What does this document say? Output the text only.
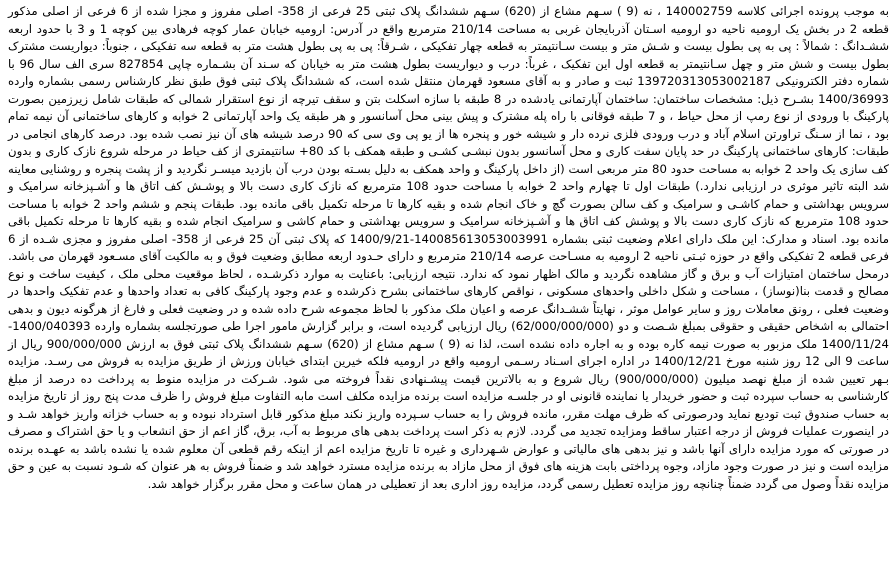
به موجب پرونده اجرائی کلاسه 140002759 ، نه (9 ) سـهم مشاع از (620) سـهم ششدانگ پلاک ثبتی 25 فرعی از 358- اصلی مفروز و مجزا شده از 6 فرعی از اصلی مذکور قطعه 2 در بخش یک ارومیه ناحیه دو ارومیه اسـتان آذربایجان غربی به مساحت 210/14 مترمربع واقع در آدرس: ارومیه خیابان عمار کوچه فرهادی بین کوچه 1 و 3 با حدود اربعه ششـدانگ : شمالاً : پی به پی بطول بیست و شـش متر و بیست سـانتیمتر به قطعه چهار تفکیکی ، شـرقاً: پی به پی بطول هشت متر به قطعه سه تفکیکی ، جنوباً: دیواریست مشترک بطول بیست و شش متر و چهل سـانتیمتر به قطعه اول این تفکیک ، غرباً: درب و دیواریست بطول هشت متر به خیابان که سـند آن بشـماره چاپی 827854 سری الف سال 96 با شماره دفتر الکترونیکی 139720313053002187 ثبت و صادر و به آقای مسعود قهرمان منتقل شده است، که ششدانگ پلاک ثبتی فوق طبق نظر کارشناس رسمی بشماره وارده 1400/36993 بشـرح ذیل: مشخصات ساختمان: ساختمان آپارتمانی یادشده در 8 طبقه با سازه اسکلت بتن و سقف تیرچه از نوع استقرار شمالی که طبقات شامل زیرزمین بصورت پارکینگ با ورودی از نوع رمپ از محل حیاط ، و 7 طبقه فوقانی با راه پله مشترک و پیش بینی محل آسانسور و هر طبقه یک واحد آپارتمانی 2 خوابه و کارهای ساختمانی آن نیمه تمام بود ، نما از سـنگ تراورتن اسلام آباد و درب ورودی فلزی نرده دار و شیشه خور و پنجره ها از یو پی وی سی که 90 درصد شیشه های آن نیز نصب شده بود. درصد کارهای انجامی در طبقات: کارهای ساختمانی پارکینگ در حد پایان سفت کاری و محل آسانسور بدون نبشـی کشـی و طبقه همکف با کد 80+ سانتیمتری از کف حیاط در مرحله شروع نازک کاری و بدون کف سازی یک واحد 2 خوابه به مساحت حدود 80 متر مربعی است (از داخل پارکینگ و واحد همکف به دلیل بسـته بودن درب آن بازدید میسـر نگردید و از پشت پنجره و روشنایی معاینه شد البته تاثیر موثری در ارزیابی ندارد.) طبقات اول تا چهارم واحد 2 خوابه با مساحت حدود 108 مترمربع که نازک کاری دست بالا و پوشـش کف اتاق ها و آشـپزخانه سرامیک و سرویس بهداشتی و حمام کاشـی و سرامیک و کف سالن بصورت گچ و خاک انجام شده و بقیه کارها تا مرحله تکمیل باقی مانده بود. طبقات پنجم و ششم واحد 2 خوابه با مساحت حدود 108 مترمربع که نازک کاری دست بالا و پوشش کف اتاق ها و آشـپزخانه سرامیک و سرویس بهداشتی و حمام کاشی و سرامیک انجام شده و بقیه کارها تا مرحله تکمیل باقی مانده بود. اسناد و مدارک: این ملک دارای اعلام وضعیت ثبتی بشماره 140085613053003991-1400/9/21 که پلاک ثبتی آن 25 فرعی از 358- اصلی مفروز و مجزی شـده از 6 فرعی قطعه 2 تفکیکی واقع در حوزه ثبـتی ناحیه 2 ارومیه به مسـاحت عرصه 210/14 مترمربع و دارای حـدود اربعه مطابق وضعیت فوق و به مالکیت آقای مسـعود قهرمان می باشد. درمحل ساختمان امتیازات آب و برق و گاز مشاهده نگردید و مالک اظهار نمود که ندارد. نتیجه ارزیابی: باعنایت به موارد ذکرشـده ، لحاظ موقعیت محلی ملک ، کیفیت ساخت و نوع مصالح و قدمت بنا(نوساز) ، مساحت و شکل داخلی واحدهای مسکونی ، نواقص کارهای ساختمانی بشرح ذکرشده و عدم وجود پارکینگ کافی به تعداد واحدها و عدم تفکیک واحدها در وضعیت فعلی ، رونق معاملات روز و سایر عوامل موثر ، نهایتاً ششـدانگ عرصه و اعیان ملک مذکور با لحاظ مجموعه شرح داده شده و در وضعیت فعلی و فارغ از هرگونه دیون و بدهی احتمالی به اشخاص حقیقی و حقوقی بمبلغ شـصت و دو (62/000/000/000) ریال ارزیابی گردیده است، و برابر گزارش مامور اجرا طی صورتجلسه بشماره وارده 1400/040393-1400/11/24 ملک مزبور به صورت نیمه کاره بوده و به اجاره داده نشده است، لذا نه (9 ) سـهم مشاع از (620) سـهم ششدانگ پلاک ثبتی فوق به ارزش 900/000/000 ریال از ساعت 9 الی 12 روز شنبه مورخ 1400/12/21 در اداره اجرای اسـناد رسـمی ارومیه واقع در ارومیه فلکه خیرین ابتدای خیابان ورزش از طریق مزایده به فروش می رسـد. مزایده بـهر تعیین شده از مبلغ نهصد میلیون (900/000/000) ریال شروع و به بالاترین قیمت پیشـنهادی نقداً فروخته می شود. شـرکت در مزایده منوط به پرداخت ده درصد از مبلغ کارشناسی به حساب سپرده ثبت و حضور خریدار یا نماینده قانونی او در جلسـه مزایده است برنده مزایده مکلف است مابه التفاوت مبلغ فروش را ظرف مدت پنج روز از تاریخ مزایده به حساب صندوق ثبت تودیع نماید ودرصورتی که ظرف مهلت مقرر، مانده فروش را به حساب سـپرده واریز نکند مبلغ مذکور قابل استرداد نبوده و به حساب خزانه واریز خواهد شـد و در اینصورت عملیات فروش از درجه اعتبار ساقط ومزایده تجدید می گردد. لازم به ذکر است پرداخت بدهی های مربوط به آب، برق، گاز اعم از حق انشعاب و یا حق اشتراک و مصرف در صورتی که مورد مزایده دارای آنها باشد و نیز بدهی های مالیاتی و عوارض شـهرداری و غیره تا تاریخ مزایده اعم از اینکه رقم قطعی آن معلوم شده یا نشده باشد به عهـده برنده مزایده است و نیز در صورت وجود مازاد، وجوه پرداختی بابت هزینه های فوق از محل مازاد به برنده مزایده مسترد خواهد شد و ضمناً فروش به هر عنوان که شـود نسبت به عین و حق مزایده نقداً وصول می گردد ضمناً چنانچه روز مزایده تعطیل رسمی گردد، مزایده روز اداری بعد از تعطیلی در همان ساعت و محل مقرر برگزار خواهد شد.
